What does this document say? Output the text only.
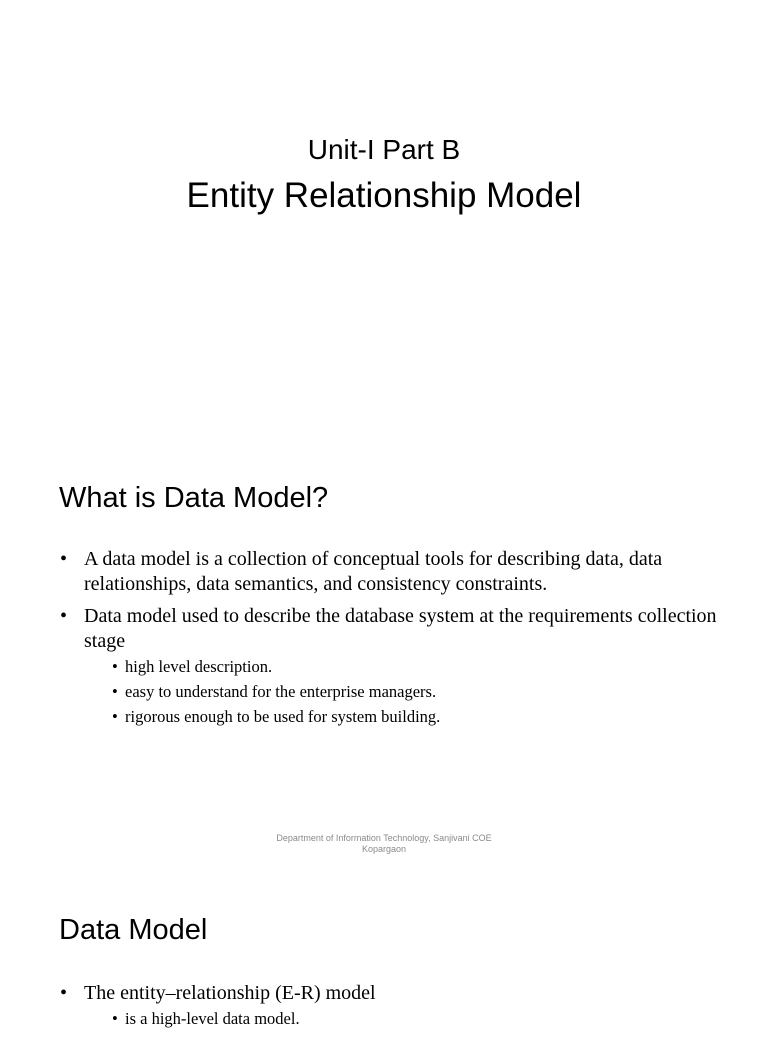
Unit-I Part B
Entity Relationship Model
What is Data Model?
• A data model is a collection of conceptual tools for describing data, data relationships, data semantics, and consistency constraints.
• Data model used to describe the database system at the requirements collection stage
• high level description.
• easy to understand for the enterprise managers.
• rigorous enough to be used for system building.
Department of Information Technology, Sanjivani COE
Kopargaon
Data Model
• The entity–relationship (E-R) model
• is a high-level data model.
